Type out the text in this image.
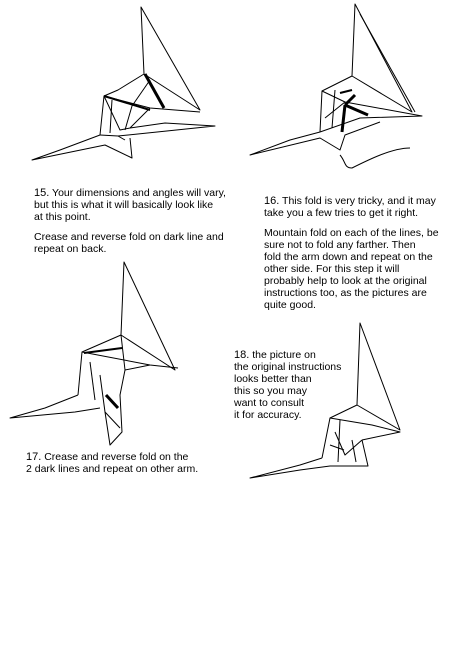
15. Your dimensions and angles will vary,

but this is what it will basically look like

at this point.

Crease and reverse fold on dark line and

repeat on back.

16. This fold is very tricky, and it may

take you a few tries to get it right.

Mountain fold on each of the lines, be

sure not to fold any farther. Then

fold the arm down and repeat on the

other side. For this step it will

probably help to look at the original

instructions too, as the pictures are

quite good.

17. Crease and reverse fold on the

2 dark lines and repeat on other arm.

18. the picture on

the original instructions

looks better than

this so you may

want to consult

it for accuracy.
